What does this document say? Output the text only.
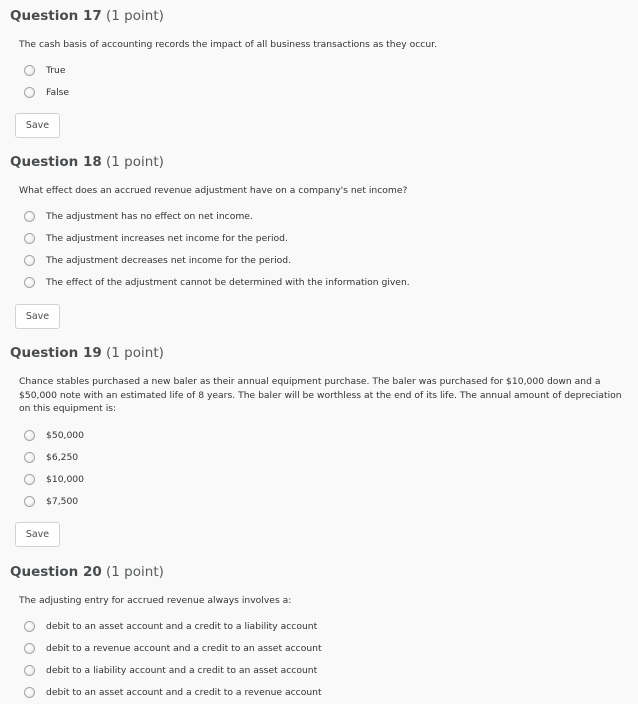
Question 17 (1 point)
The cash basis of accounting records the impact of all business transactions as they occur.
True
False
Save
Question 18 (1 point)
What effect does an accrued revenue adjustment have on a company's net income?
The adjustment has no effect on net income.
The adjustment increases net income for the period.
The adjustment decreases net income for the period.
The effect of the adjustment cannot be determined with the information given.
Save
Question 19 (1 point)
Chance stables purchased a new baler as their annual equipment purchase. The baler was purchased for $10,000 down and a $50,000 note with an estimated life of 8 years. The baler will be worthless at the end of its life. The annual amount of depreciation on this equipment is:
$50,000
$6,250
$10,000
$7,500
Save
Question 20 (1 point)
The adjusting entry for accrued revenue always involves a:
debit to an asset account and a credit to a liability account
debit to a revenue account and a credit to an asset account
debit to a liability account and a credit to an asset account
debit to an asset account and a credit to a revenue account
